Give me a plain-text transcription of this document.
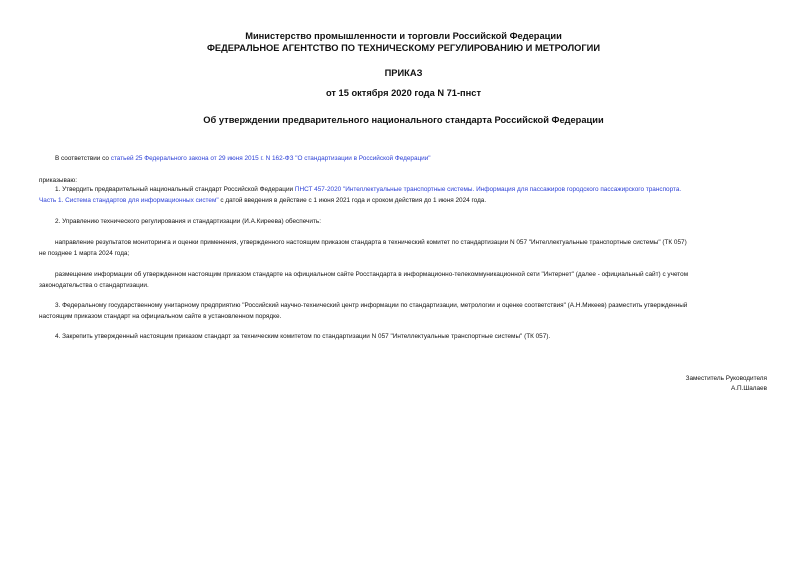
Министерство промышленности и торговли Российской Федерации
ФЕДЕРАЛЬНОЕ АГЕНТСТВО ПО ТЕХНИЧЕСКОМУ РЕГУЛИРОВАНИЮ И МЕТРОЛОГИИ
ПРИКАЗ
от 15 октября 2020 года N 71-пнст
Об утверждении предварительного национального стандарта Российской Федерации
В соответствии со статьей 25 Федерального закона от 29 июня 2015 г. N 162-ФЗ "О стандартизации в Российской Федерации"
приказываю:
1. Утвердить предварительный национальный стандарт Российской Федерации ПНСТ 457-2020 "Интеллектуальные транспортные системы. Информация для пассажиров городского пассажирского транспорта.
Часть 1. Система стандартов для информационных систем" с датой введения в действие с 1 июня 2021 года и сроком действия до 1 июня 2024 года.
2. Управлению технического регулирования и стандартизации (И.А.Киреева) обеспечить:
направление результатов мониторинга и оценки применения, утвержденного настоящим приказом стандарта в технический комитет по стандартизации N 057 "Интеллектуальные транспортные системы" (ТК 057)
не позднее 1 марта 2024 года;
размещение информации об утвержденном настоящим приказом стандарте на официальном сайте Росстандарта в информационно-телекоммуникационной сети "Интернет" (далее - официальный сайт) с учетом
законодательства о стандартизации.
3. Федеральному государственному унитарному предприятию "Российский научно-технический центр информации по стандартизации, метрологии и оценке соответствия" (А.Н.Микеев) разместить утвержденный
настоящим приказом стандарт на официальном сайте в установленном порядке.
4. Закрепить утвержденный настоящим приказом стандарт за техническим комитетом по стандартизации N 057 "Интеллектуальные транспортные системы" (ТК 057).
Заместитель Руководителя
А.П.Шалаев
